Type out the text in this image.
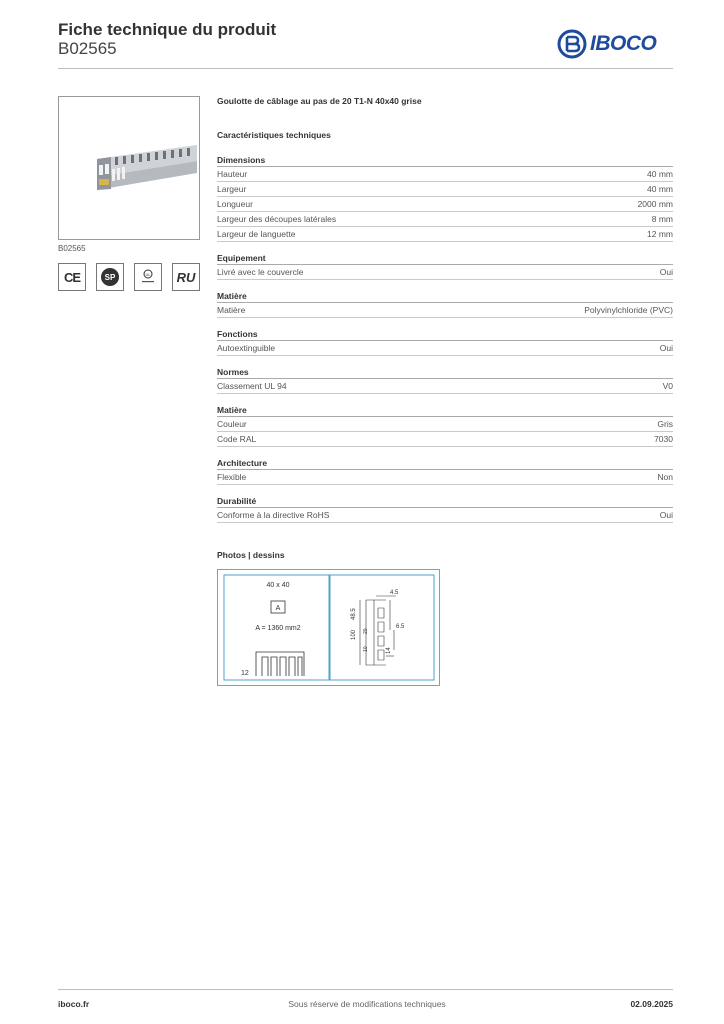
Fiche technique du produit
B02565	IBOCO
B02565
CE	SP	UL RU
Goulotte de câblage au pas de 20 T1-N 40x40 grise
Caractéristiques techniques
Dimensions
Hauteur	40 mm
Largeur	40 mm
Longueur	2000 mm
Largeur des découpes latérales	8 mm
Largeur de languette	12 mm
Equipement
Livré avec le couvercle	Oui
Matière
Matière	Polyvinylchloride (PVC)
Fonctions
Autoextinguible	Oui
Normes
Classement UL 94	V0
Matière
Couleur	Gris
Code RAL	7030
Architecture
Flexible	Non
Durabilité
Conforme à la directive RoHS	Oui
Photos | dessins
40 x 40
A
A = 1360 mm2
12
4.5
48.5
100 20
10
6.5
14
iboco.fr	Sous réserve de modifications techniques	02.09.2025
